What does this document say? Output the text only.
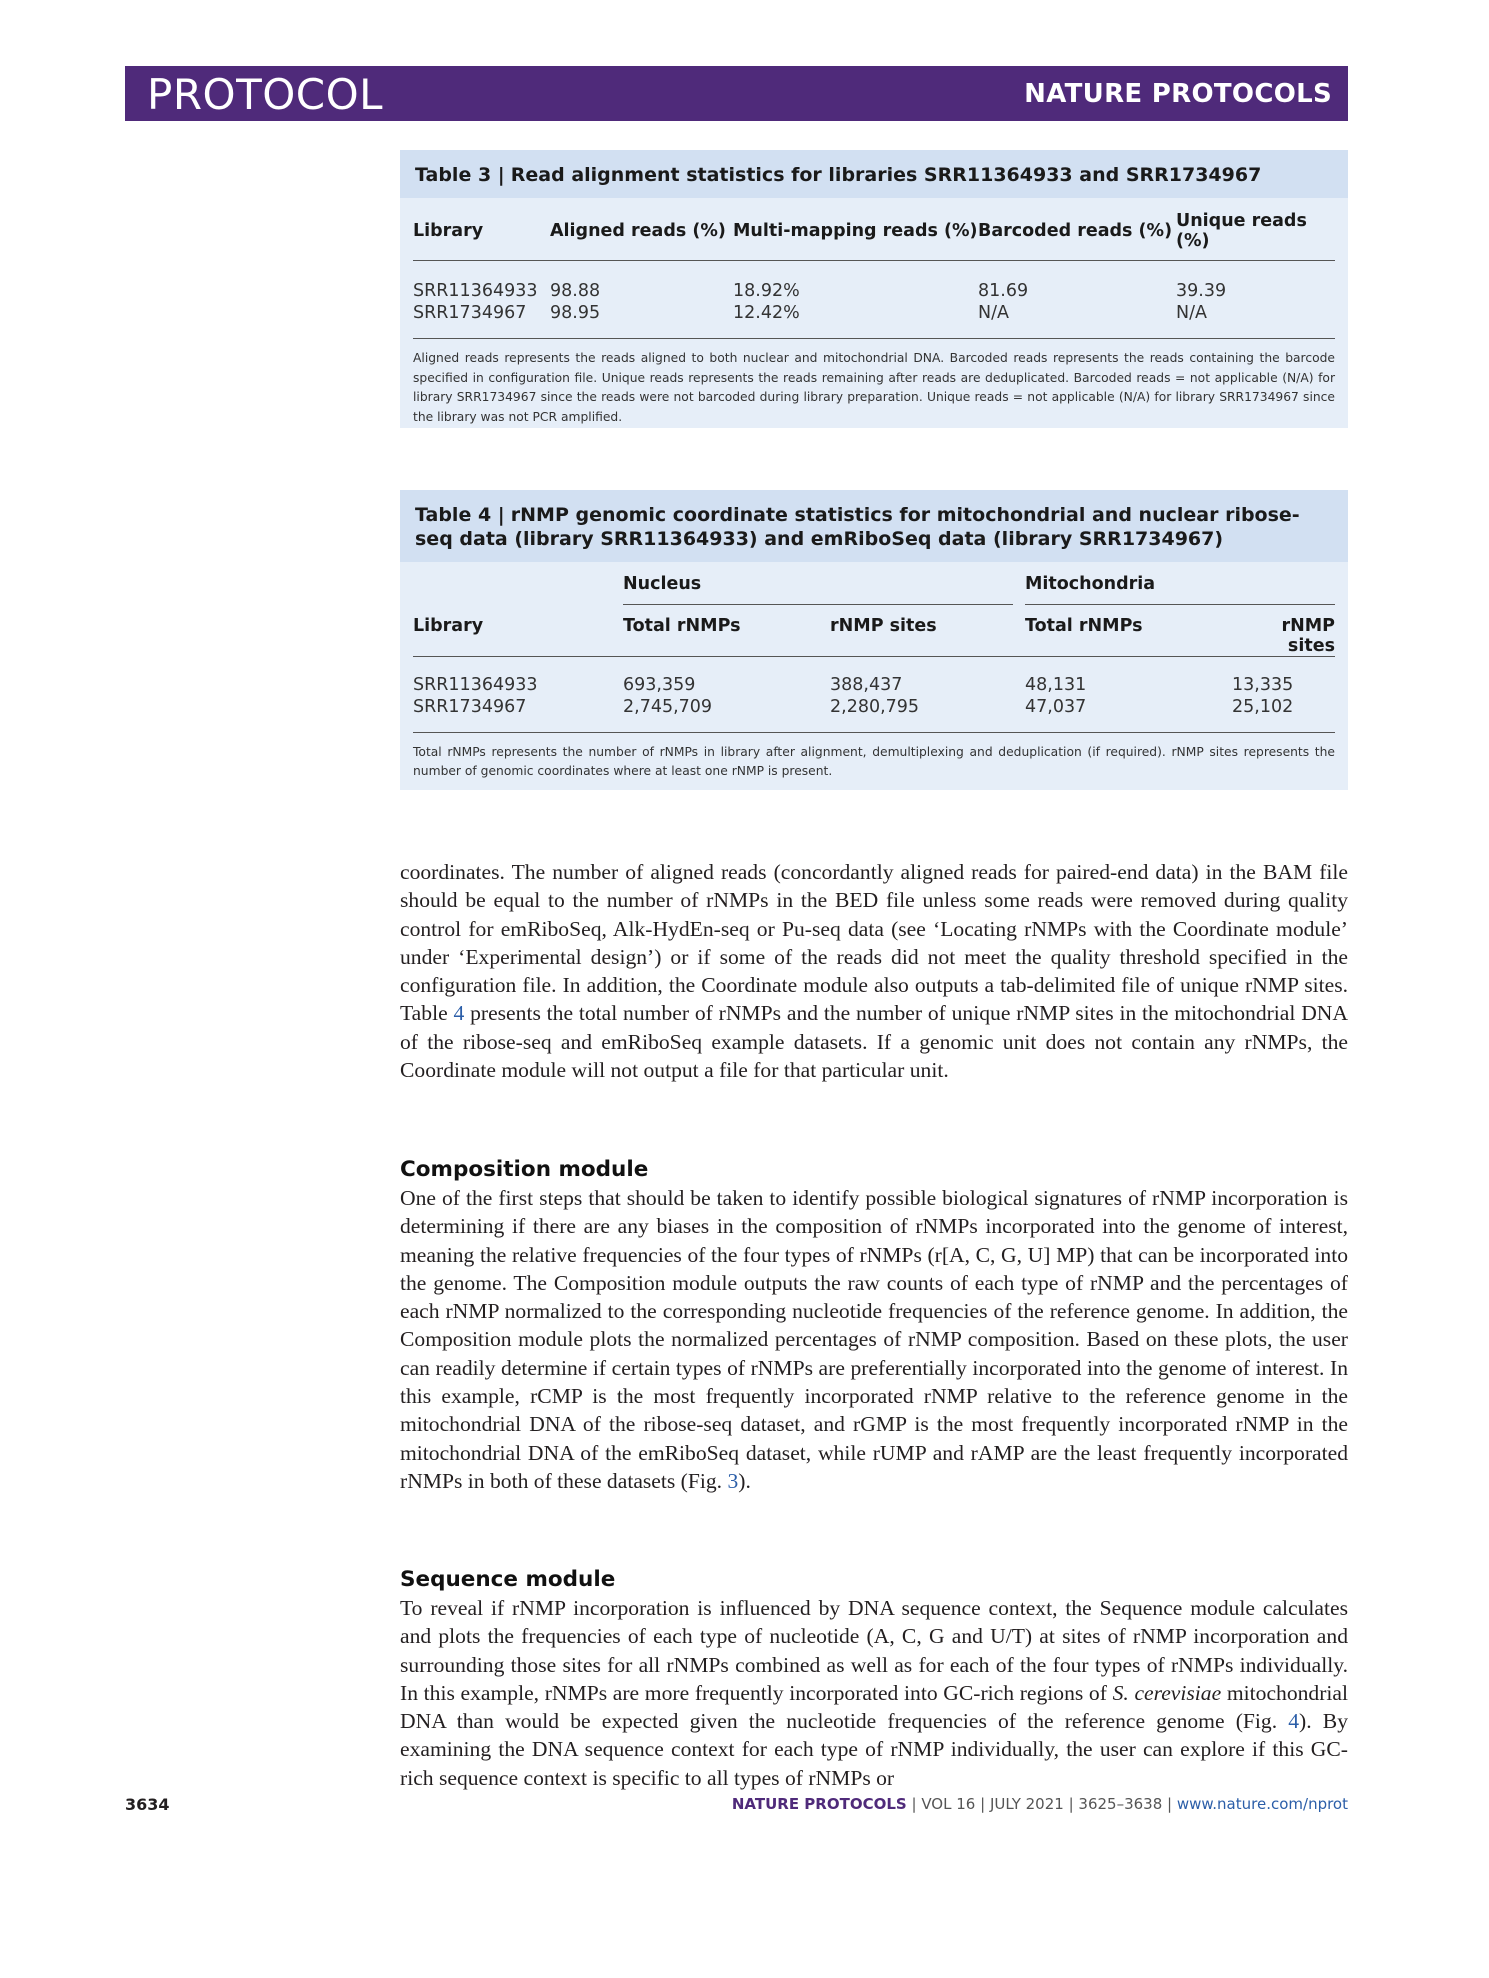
PROTOCOL	NATURE PROTOCOLS
Table 3 | Read alignment statistics for libraries SRR11364933 and SRR1734967
Library	Aligned reads (%)	Multi-mapping reads (%)	Barcoded reads (%)	Unique reads (%)
SRR11364933	98.88	18.92%	81.69	39.39
SRR1734967	98.95	12.42%	N/A	N/A
Aligned reads represents the reads aligned to both nuclear and mitochondrial DNA. Barcoded reads represents the reads containing the barcode specified in configuration file. Unique reads represents the reads remaining after reads are deduplicated. Barcoded reads = not applicable (N/A) for library SRR1734967 since the reads were not barcoded during library preparation. Unique reads = not applicable (N/A) for library SRR1734967 since the library was not PCR amplified.
Table 4 | rNMP genomic coordinate statistics for mitochondrial and nuclear ribose-seq data (library SRR11364933) and emRiboSeq data (library SRR1734967)

	Nucleus		Mitochondria	

Library	Total rNMPs	rNMP sites	Total rNMPs	rNMP sites
SRR11364933	693,359	388,437	48,131	13,335
SRR1734967	2,745,709	2,280,795	47,037	25,102
Total rNMPs represents the number of rNMPs in library after alignment, demultiplexing and deduplication (if required). rNMP sites represents the number of genomic coordinates where at least one rNMP is present.

coordinates. The number of aligned reads (concordantly aligned reads for paired-end data) in the BAM file should be equal to the number of rNMPs in the BED file unless some reads were removed during quality control for emRiboSeq, Alk-HydEn-seq or Pu-seq data (see ‘Locating rNMPs with the Coordinate module’ under ‘Experimental design’) or if some of the reads did not meet the quality threshold specified in the configuration file. In addition, the Coordinate module also outputs a tab-delimited file of unique rNMP sites. Table 4 presents the total number of rNMPs and the number of unique rNMP sites in the mitochondrial DNA of the ribose-seq and emRiboSeq example datasets. If a genomic unit does not contain any rNMPs, the Coordinate module will not output a file for that particular unit.

Composition module

One of the first steps that should be taken to identify possible biological signatures of rNMP incorporation is determining if there are any biases in the composition of rNMPs incorporated into the genome of interest, meaning the relative frequencies of the four types of rNMPs (r[A, C, G, U] MP) that can be incorporated into the genome. The Composition module outputs the raw counts of each type of rNMP and the percentages of each rNMP normalized to the corresponding nucleotide frequencies of the reference genome. In addition, the Composition module plots the normalized percentages of rNMP composition. Based on these plots, the user can readily determine if certain types of rNMPs are preferentially incorporated into the genome of interest. In this example, rCMP is the most frequently incorporated rNMP relative to the reference genome in the mitochondrial DNA of the ribose-seq dataset, and rGMP is the most frequently incorporated rNMP in the mitochondrial DNA of the emRiboSeq dataset, while rUMP and rAMP are the least frequently incorporated rNMPs in both of these datasets (Fig. 3).

Sequence module

To reveal if rNMP incorporation is influenced by DNA sequence context, the Sequence module calculates and plots the frequencies of each type of nucleotide (A, C, G and U/T) at sites of rNMP incorporation and surrounding those sites for all rNMPs combined as well as for each of the four types of rNMPs individually. In this example, rNMPs are more frequently incorporated into GC-rich regions of S. cerevisiae mitochondrial DNA than would be expected given the nucleotide frequencies of the reference genome (Fig. 4). By examining the DNA sequence context for each type of rNMP individually, the user can explore if this GC-rich sequence context is specific to all types of rNMPs or

3634	NATURE PROTOCOLS | VOL 16 | JULY 2021 | 3625–3638 | www.nature.com/nprot
